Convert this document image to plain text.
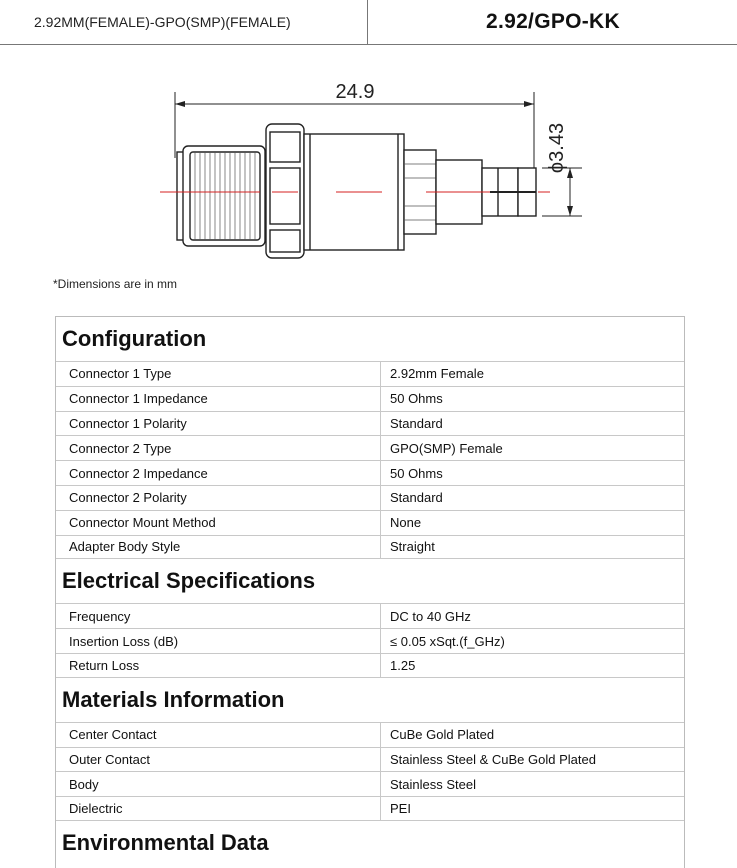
2.92MM(FEMALE)-GPO(SMP)(FEMALE)	2.92/GPO-KK
24.9
ϕ3.43
*Dimensions are in mm
Configuration
Connector 1 Type	2.92mm Female
Connector 1 Impedance	50 Ohms
Connector 1 Polarity	Standard
Connector 2 Type	GPO(SMP) Female
Connector 2 Impedance	50 Ohms
Connector 2 Polarity	Standard
Connector Mount Method	None
Adapter Body Style	Straight
Electrical Specifications
Frequency	DC to 40 GHz
Insertion Loss (dB)	≤ 0.05 xSqt.(f_GHz)
Return Loss	1.25
Materials Information
Center Contact	CuBe Gold Plated
Outer Contact	Stainless Steel & CuBe Gold Plated
Body	Stainless Steel
Dielectric	PEI
Environmental Data
